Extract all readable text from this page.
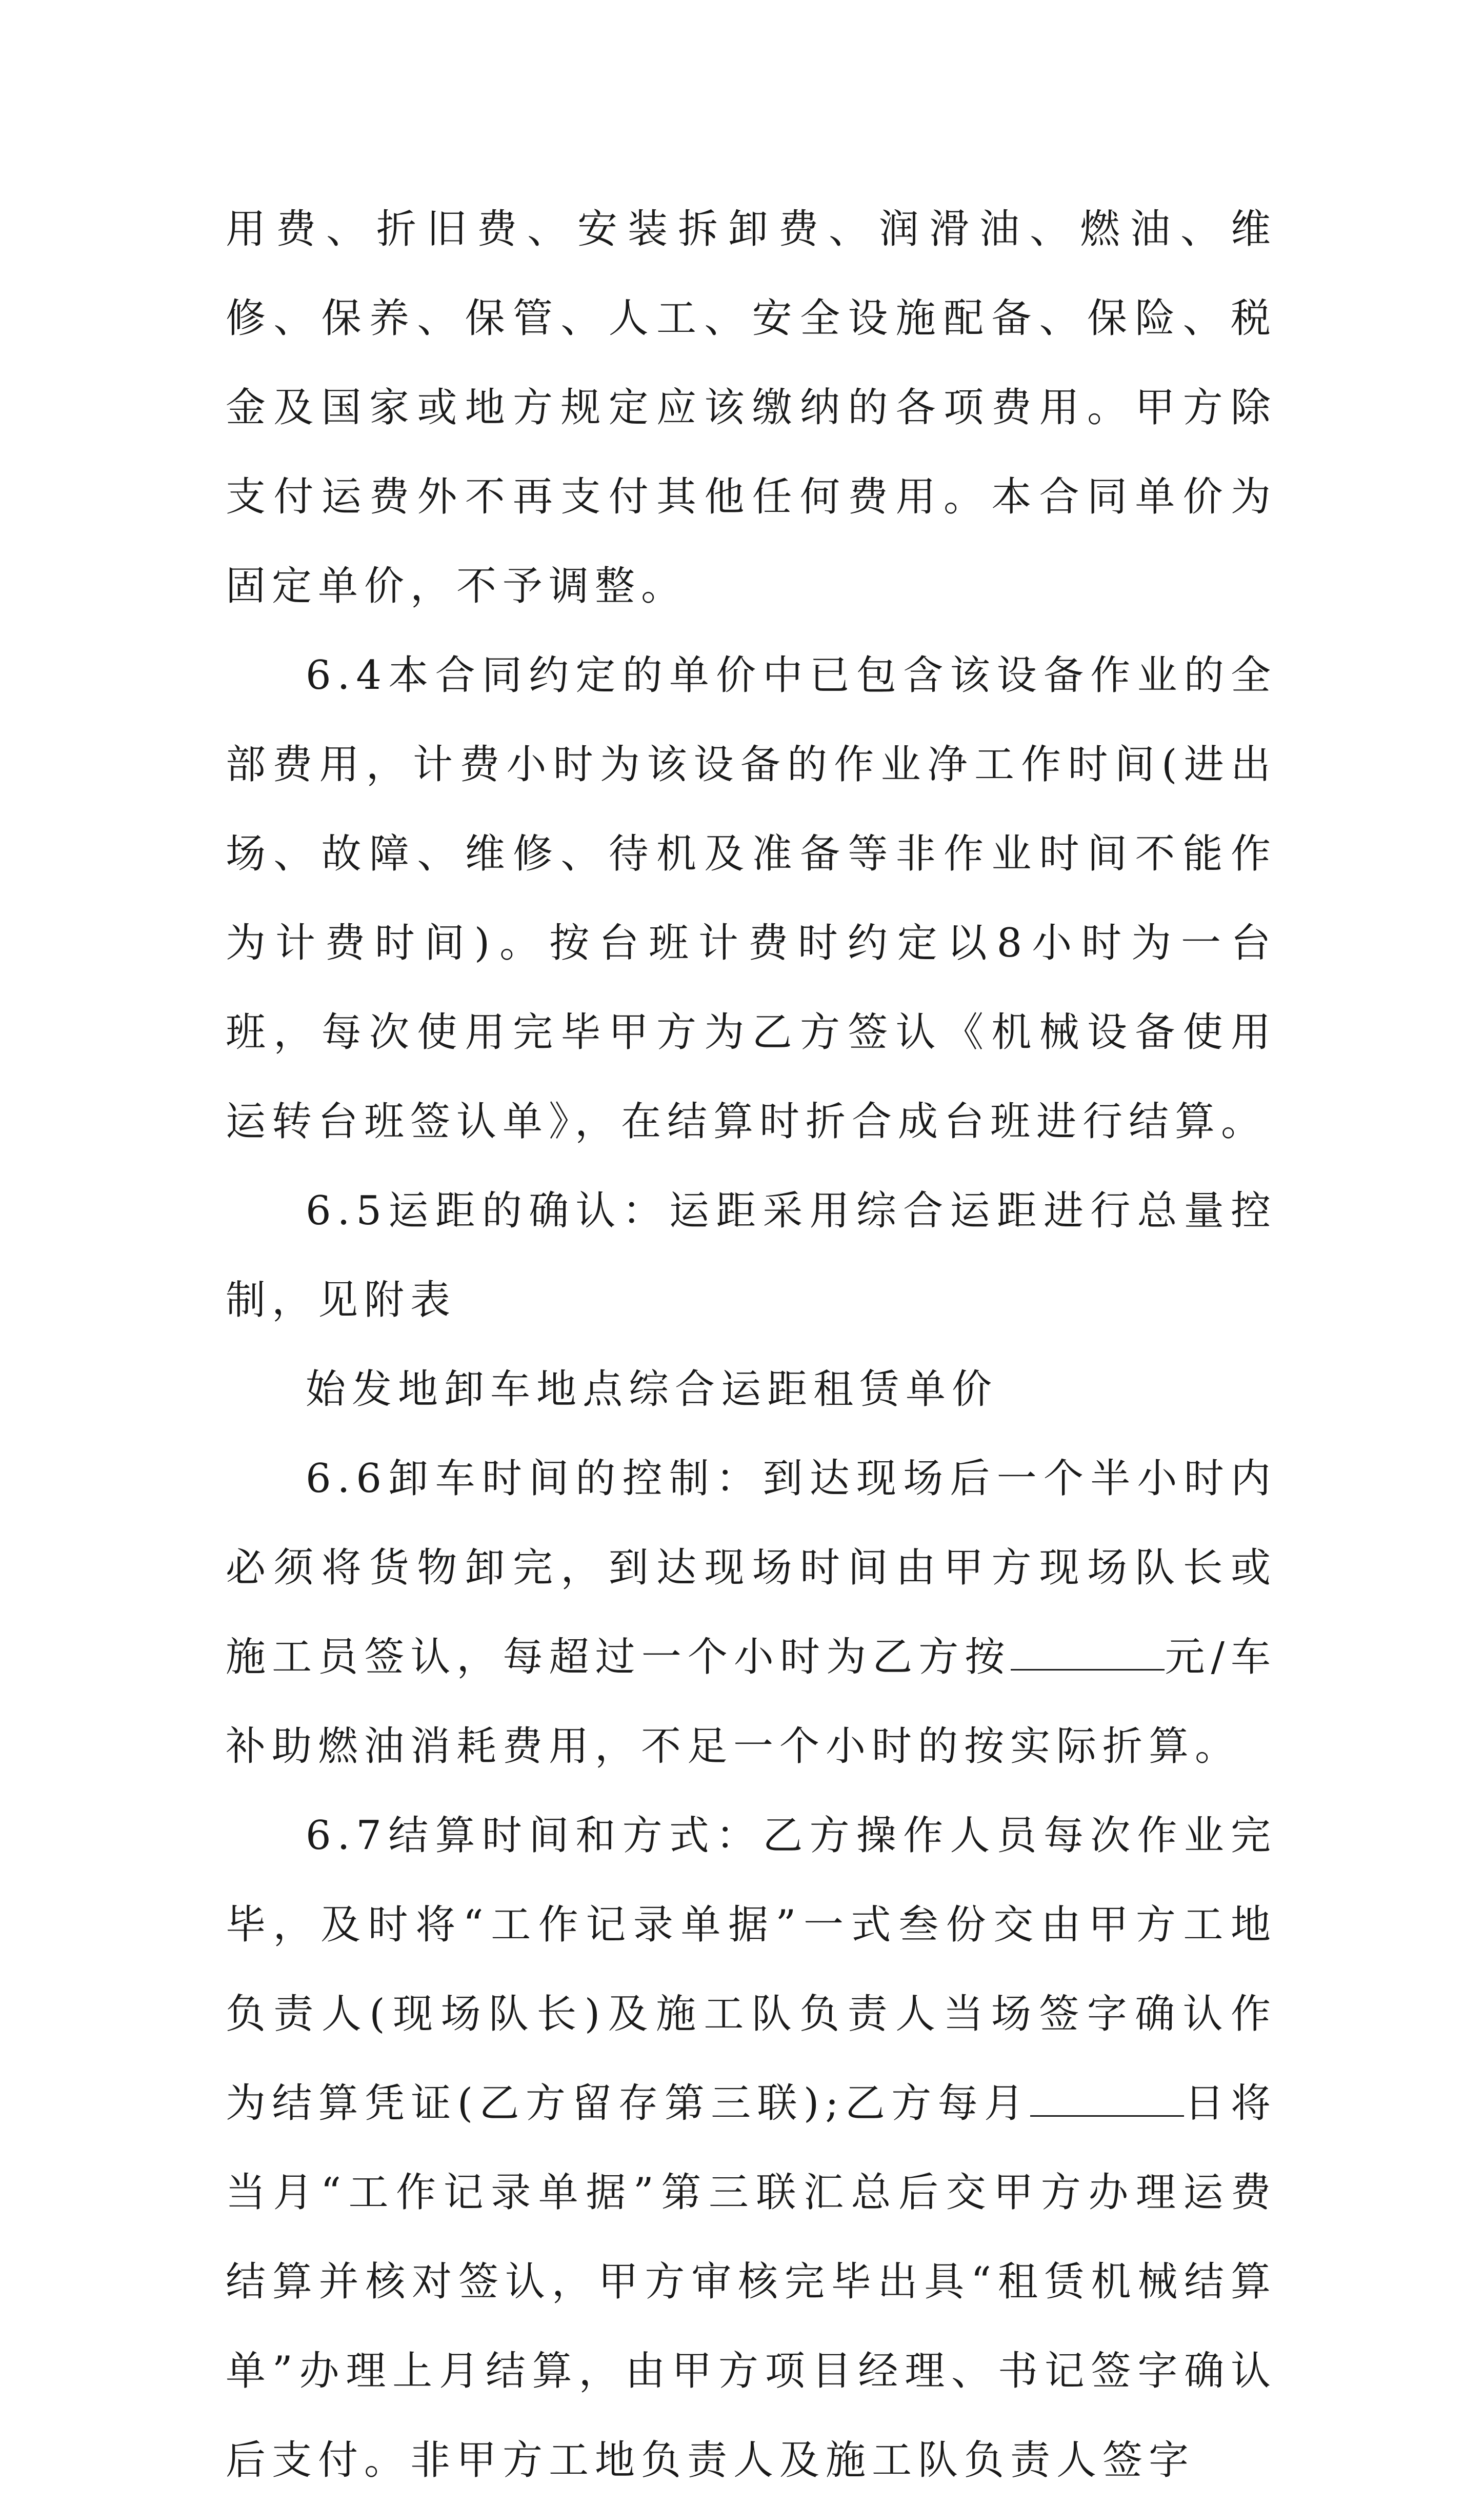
用费、折旧费、安装拆卸费、润滑油、燃油、维修、保养、保管、人工、安全设施配备、保险、税金及国家或地方规定应该缴纳的各项费用。甲方除支付运费外不再支付其他任何费用。本合同单价为固定单价，不予调整。

6.4本合同约定的单价中已包含该设备作业的全部费用，计费小时为该设备的作业净工作时间(进出场、故障、维修、待机及准备等非作业时间不能作为计费时间)。按台班计费时约定以8小时为一台班，每次使用完毕甲方为乙方签认《机械设备使用运转台班签认单》，在结算时折合成台班进行结算。

6.5运距的确认：运距采用综合运距进行总量控制，见附表

始发地卸车地点综合运距租赁单价

6.6卸车时间的控制：到达现场后一个半小时内必须将货物卸完，到达现场时间由甲方现场队长或施工员签认，每超过一个小时为乙方按	元/车补助燃油消耗费用，不足一个小时的按实际折算。

6.7结算时间和方式：乙方操作人员每次作业完毕，及时将“工作记录单据”一式叁份交由甲方工地负责人(现场队长)及施工队负责人当场签字确认作为结算凭证(乙方留存第三联);乙方每月	日将当月“工作记录单据”第三联汇总后交甲方办理运费结算并核对签认，甲方审核完毕出具“租赁机械结算单”办理上月结算，由甲方项目经理、书记签字确认后支付。非甲方工地负责人及施工队负责人签字
